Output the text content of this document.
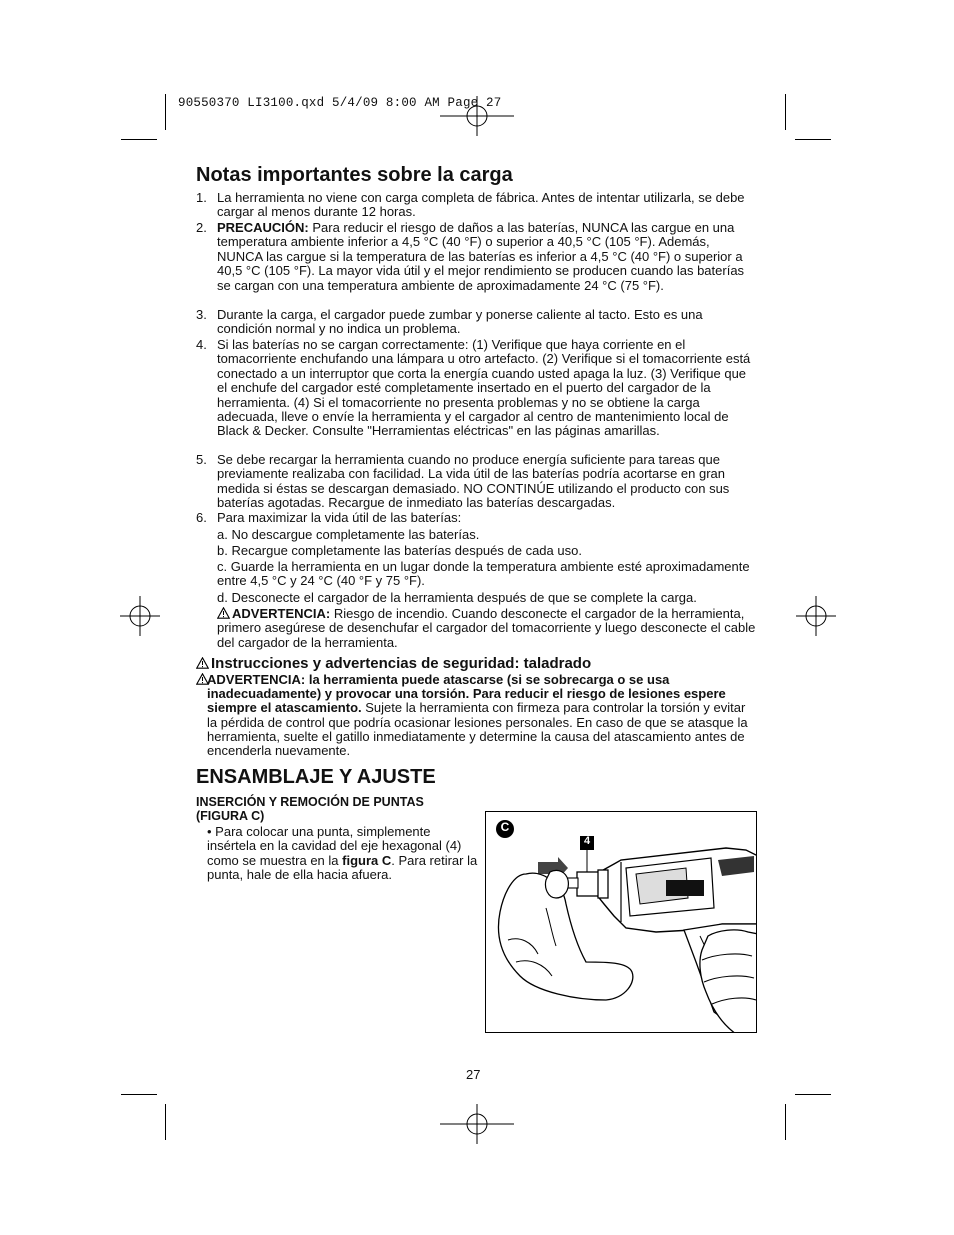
90550370 LI3100.qxd 5/4/09 8:00 AM Page 27
Notas importantes sobre la carga
1. La herramienta no viene con carga completa de fábrica. Antes de intentar utilizarla, se debe cargar al menos durante 12 horas.
2. PRECAUCIÓN: Para reducir el riesgo de daños a las baterías, NUNCA las cargue en una temperatura ambiente inferior a 4,5 °C (40 °F) o superior a 40,5 °C (105 °F). Además, NUNCA las cargue si la temperatura de las baterías es inferior a 4,5 °C (40 °F) o superior a 40,5 °C (105 °F). La mayor vida útil y el mejor rendimiento se producen cuando las baterías se cargan con una temperatura ambiente de aproximadamente 24 °C (75 °F).
3. Durante la carga, el cargador puede zumbar y ponerse caliente al tacto. Esto es una condición normal y no indica un problema.
4. Si las baterías no se cargan correctamente: (1) Verifique que haya corriente en el tomacorriente enchufando una lámpara u otro artefacto. (2) Verifique si el tomacorriente está conectado a un interruptor que corta la energía cuando usted apaga la luz. (3) Verifique que el enchufe del cargador esté completamente insertado en el puerto del cargador de la herramienta. (4) Si el tomacorriente no presenta problemas y no se obtiene la carga adecuada, lleve o envíe la herramienta y el cargador al centro de mantenimiento local de Black & Decker. Consulte "Herramientas eléctricas" en las páginas amarillas.
5. Se debe recargar la herramienta cuando no produce energía suficiente para tareas que previamente realizaba con facilidad. La vida útil de las baterías podría acortarse en gran medida si éstas se descargan demasiado. NO CONTINÚE utilizando el producto con sus baterías agotadas. Recargue de inmediato las baterías descargadas.
6. Para maximizar la vida útil de las baterías:
a. No descargue completamente las baterías.
b. Recargue completamente las baterías después de cada uso.
c. Guarde la herramienta en un lugar donde la temperatura ambiente esté aproximadamente entre 4,5 °C y 24 °C (40 °F y 75 °F).
d. Desconecte el cargador de la herramienta después de que se complete la carga.
ADVERTENCIA: Riesgo de incendio. Cuando desconecte el cargador de la herramienta, primero asegúrese de desenchufar el cargador del tomacorriente y luego desconecte el cable del cargador de la herramienta.
Instrucciones y advertencias de seguridad: taladrado
ADVERTENCIA: la herramienta puede atascarse (si se sobrecarga o se usa inadecuadamente) y provocar una torsión. Para reducir el riesgo de lesiones espere siempre el atascamiento. Sujete la herramienta con firmeza para controlar la torsión y evitar la pérdida de control que podría ocasionar lesiones personales. En caso de que se atasque la herramienta, suelte el gatillo inmediatamente y determine la causa del atascamiento antes de encenderla nuevamente.
ENSAMBLAJE Y AJUSTE
INSERCIÓN Y REMOCIÓN DE PUNTAS (FIGURA C)
• Para colocar una punta, simplemente insértela en la cavidad del eje hexagonal (4) como se muestra en la figura C. Para retirar la punta, hale de ella hacia afuera.
C
4
27
